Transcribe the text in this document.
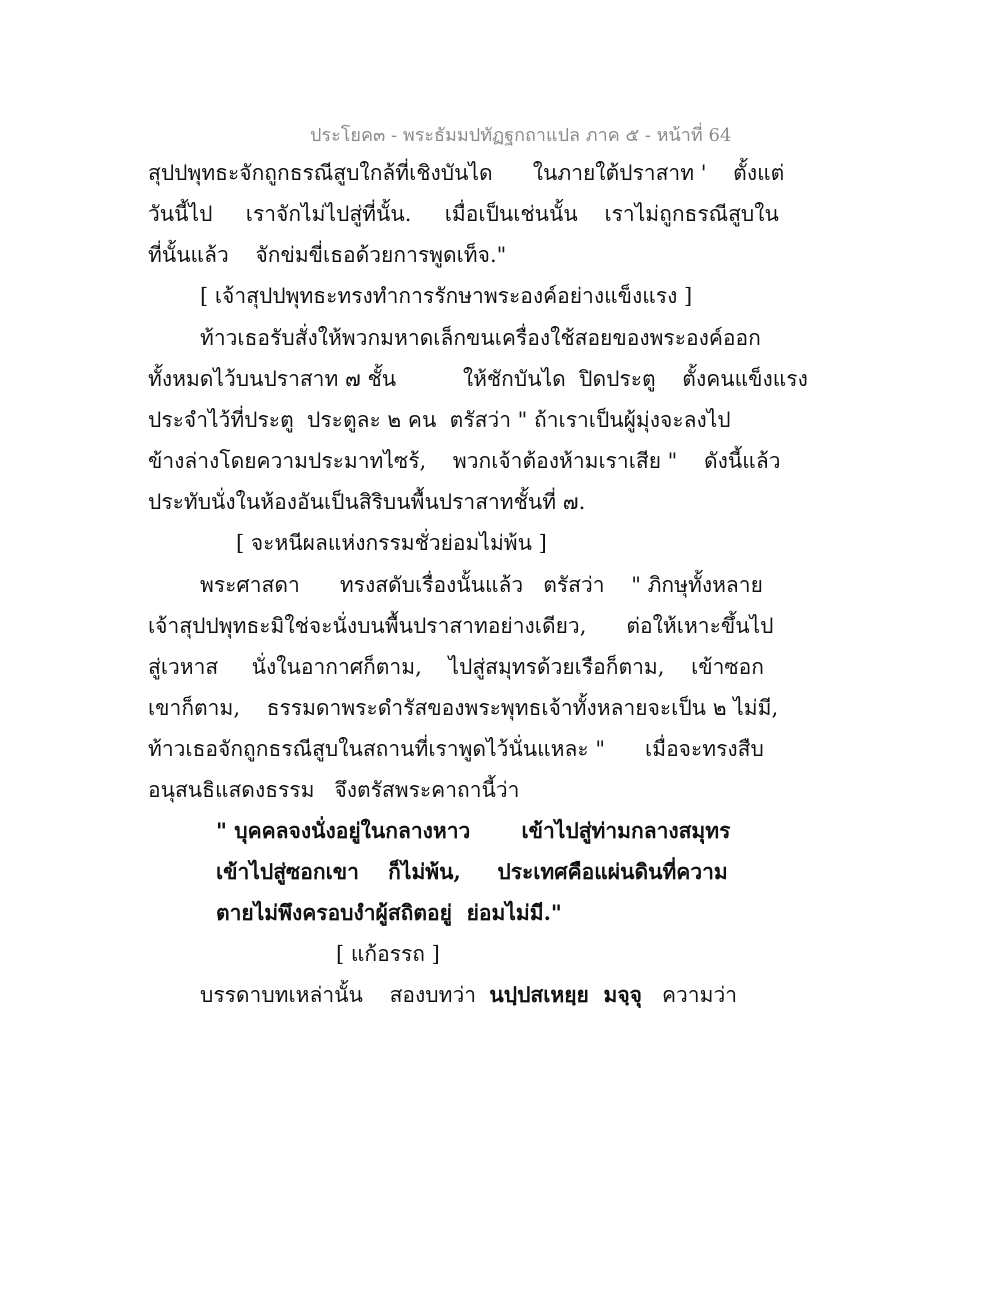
ประโยค๓ - พระธัมมปทัฏฐกถาแปล ภาค ๕ - หน้าที่ 64
สุปปพุทธะจักถูกธรณีสูบใกล้ที่เชิงบันได      ในภายใต้ปราสาท '    ตั้งแต่
วันนี้ไป     เราจักไม่ไปสู่ที่นั้น.     เมื่อเป็นเช่นนั้น    เราไม่ถูกธรณีสูบใน
ที่นั้นแล้ว    จักข่มขี่เธอด้วยการพูดเท็จ."
[ เจ้าสุปปพุทธะทรงทำการรักษาพระองค์อย่างแข็งแรง ]
ท้าวเธอรับสั่งให้พวกมหาดเล็กขนเครื่องใช้สอยของพระองค์ออก
ทั้งหมดไว้บนปราสาท ๗ ชั้น          ให้ชักบันได  ปิดประตู    ตั้งคนแข็งแรง
ประจำไว้ที่ประตู  ประตูละ ๒ คน  ตรัสว่า " ถ้าเราเป็นผู้มุ่งจะลงไป
ข้างล่างโดยความประมาทไซร้,    พวกเจ้าต้องห้ามเราเสีย "    ดังนี้แล้ว
ประทับนั่งในห้องอันเป็นสิริบนพื้นปราสาทชั้นที่ ๗.
[ จะหนีผลแห่งกรรมชั่วย่อมไม่พ้น ]
พระศาสดา      ทรงสดับเรื่องนั้นแล้ว   ตรัสว่า    " ภิกษุทั้งหลาย
เจ้าสุปปพุทธะมิใช่จะนั่งบนพื้นปราสาทอย่างเดียว,      ต่อให้เหาะขึ้นไป
สู่เวหาส     นั่งในอากาศก็ตาม,    ไปสู่สมุทรด้วยเรือก็ตาม,    เข้าซอก
เขาก็ตาม,    ธรรมดาพระดำรัสของพระพุทธเจ้าทั้งหลายจะเป็น ๒ ไม่มี,
ท้าวเธอจักถูกธรณีสูบในสถานที่เราพูดไว้นั่นแหละ "      เมื่อจะทรงสืบ
อนุสนธิแสดงธรรม   จึงตรัสพระคาถานี้ว่า
" บุคคลจงนั่งอยู่ในกลางหาว       เข้าไปสู่ท่ามกลางสมุทร
เข้าไปสู่ซอกเขา    ก็ไม่พ้น,     ประเทศคือแผ่นดินที่ความ
ตายไม่พึงครอบงำผู้สถิตอยู่  ย่อมไม่มี."
[ แก้อรรถ ]
บรรดาบทเหล่านั้น    สองบทว่า  นปฺปสเหยฺย  มจฺจุ   ความว่า
